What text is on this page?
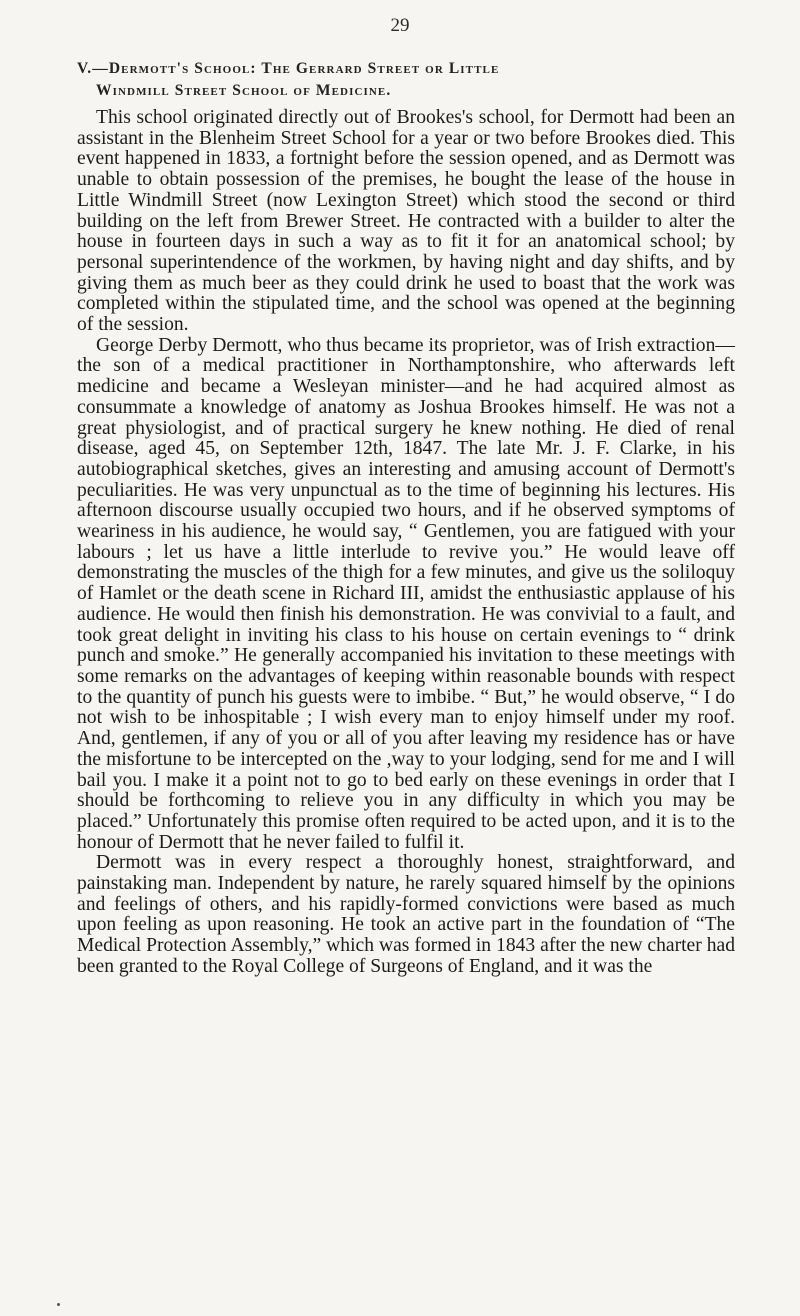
29
V.—Dermott's School: The Gerrard Street or Little
Windmill Street School of Medicine.

This school originated directly out of Brookes's school, for Dermott had been an assistant in the Blenheim Street School for a year or two before Brookes died. This event happened in 1833, a fortnight before the session opened, and as Dermott was unable to obtain possession of the premises, he bought the lease of the house in Little Windmill Street (now Lexington Street) which stood the second or third building on the left from Brewer Street. He contracted with a builder to alter the house in fourteen days in such a way as to fit it for an anatomical school; by personal superintendence of the workmen, by having night and day shifts, and by giving them as much beer as they could drink he used to boast that the work was completed within the stipulated time, and the school was opened at the beginning of the session.

George Derby Dermott, who thus became its proprietor, was of Irish extraction—the son of a medical practitioner in Northamptonshire, who afterwards left medicine and became a Wesleyan minister—and he had acquired almost as consummate a knowledge of anatomy as Joshua Brookes himself. He was not a great physiologist, and of practical surgery he knew nothing. He died of renal disease, aged 45, on September 12th, 1847. The late Mr. J. F. Clarke, in his autobiographical sketches, gives an interesting and amusing account of Dermott's peculiarities. He was very unpunctual as to the time of beginning his lectures. His afternoon discourse usually occupied two hours, and if he observed symptoms of weariness in his audience, he would say, “ Gentlemen, you are fatigued with your labours ; let us have a little interlude to revive you.” He would leave off demonstrating the muscles of the thigh for a few minutes, and give us the soliloquy of Hamlet or the death scene in Richard III, amidst the enthusiastic applause of his audience. He would then finish his demonstration. He was convivial to a fault, and took great delight in inviting his class to his house on certain evenings to “ drink punch and smoke.” He generally accompanied his invitation to these meetings with some remarks on the advantages of keeping within reasonable bounds with respect to the quantity of punch his guests were to imbibe. “ But,” he would observe, “ I do not wish to be inhospitable ; I wish every man to enjoy himself under my roof. And, gentlemen, if any of you or all of you after leaving my residence has or have the misfortune to be intercepted on the ,way to your lodging, send for me and I will bail you. I make it a point not to go to bed early on these evenings in order that I should be forthcoming to relieve you in any difficulty in which you may be placed.” Unfortunately this promise often required to be acted upon, and it is to the honour of Dermott that he never failed to fulfil it.

Dermott was in every respect a thoroughly honest, straightforward, and painstaking man. Independent by nature, he rarely squared himself by the opinions and feelings of others, and his rapidly-formed convictions were based as much upon feeling as upon reasoning. He took an active part in the foundation of “The Medical Protection Assembly,” which was formed in 1843 after the new charter had been granted to the Royal College of Surgeons of England, and it was the
